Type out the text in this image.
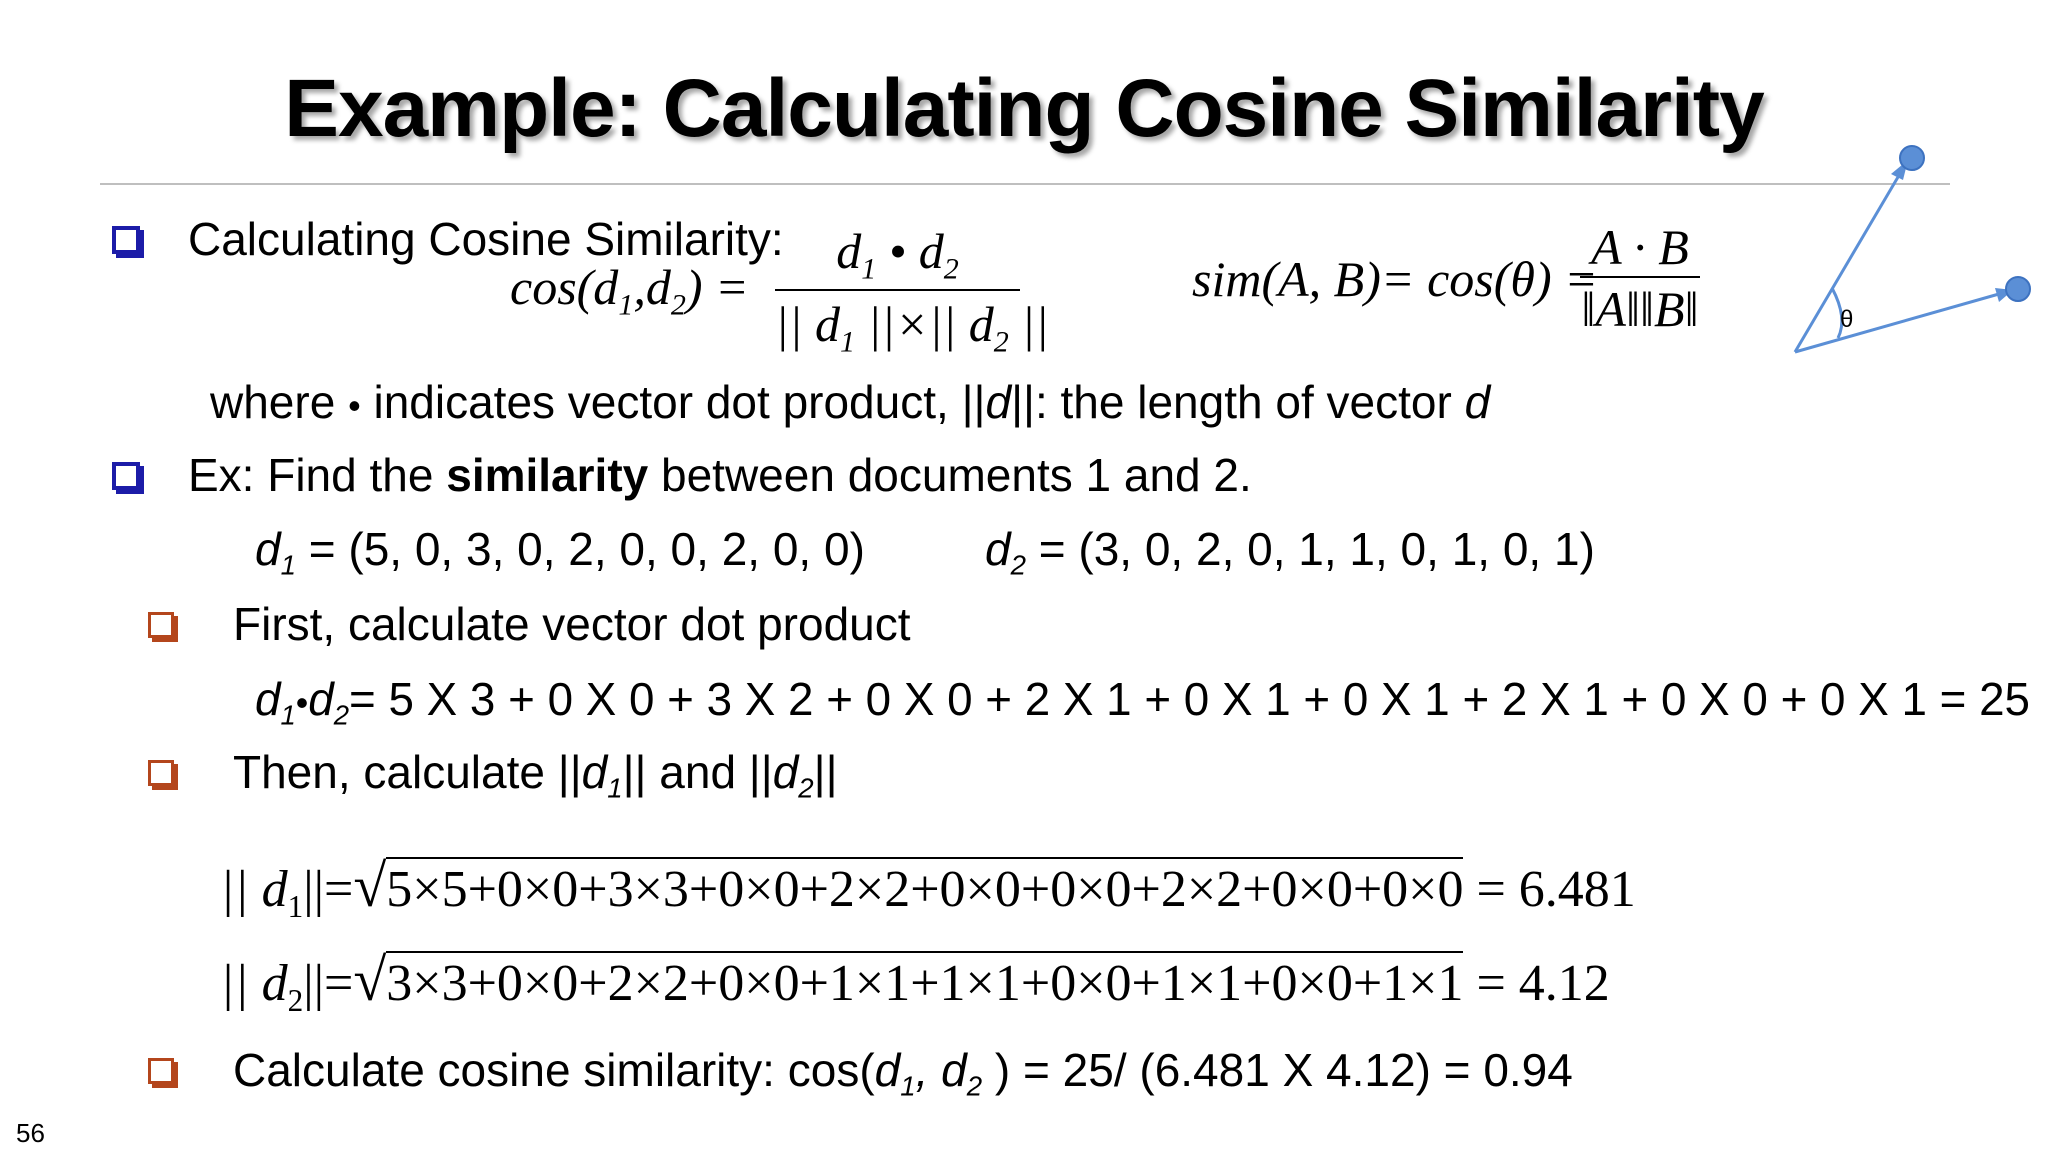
Example: Calculating Cosine Similarity
θ
Calculating Cosine Similarity:
$\cos(d_1,d_2) = \frac{d_1 • d_2}{|| d_1 ||\times|| d_2 ||}$	sim(A, B)= cos(θ) =
$\frac{A \cdot B}{‖A‖‖B‖}$
where • indicates vector dot product, ||d||: the length of vector d
Ex: Find the similarity between documents 1 and 2.
$d_1 = (5$, 0, 3, 0, 2, 0, 0, 2, 0, 0)	$d_2 = (3$, 0, 2, 0, 1, 1, 0, 1, 0, 1)
First, calculate vector dot product
$d_1•d_2= 5$ X 3 + 0 X 0 + 3 X 2 + 0 X 0 + 2 X 1 + 0 X 1 + 0 X 1 + 2 X 1 + 0 X 0 + 0 X 1 = 25
Then, calculate $||d_1||$ and $||d_2||$
|| $d_1||=√5\times 5+0\times 0+3\times 3+0\times 0+2\times 2+0\times 0+0\times 0+2\times 2+0\times 0+0\times 0 = 6.481$
|| $d_2||=√3\times 3+0\times 0+2\times 2+0\times 0+1\times 1+1\times 1+0\times 0+1\times 1+0\times 0+1\times 1 = 4.12$
Calculate cosine similarity: $\cos(d_1$, $d_2$ ) = 25/ (6.481 X 4.12) = 0.94
56
